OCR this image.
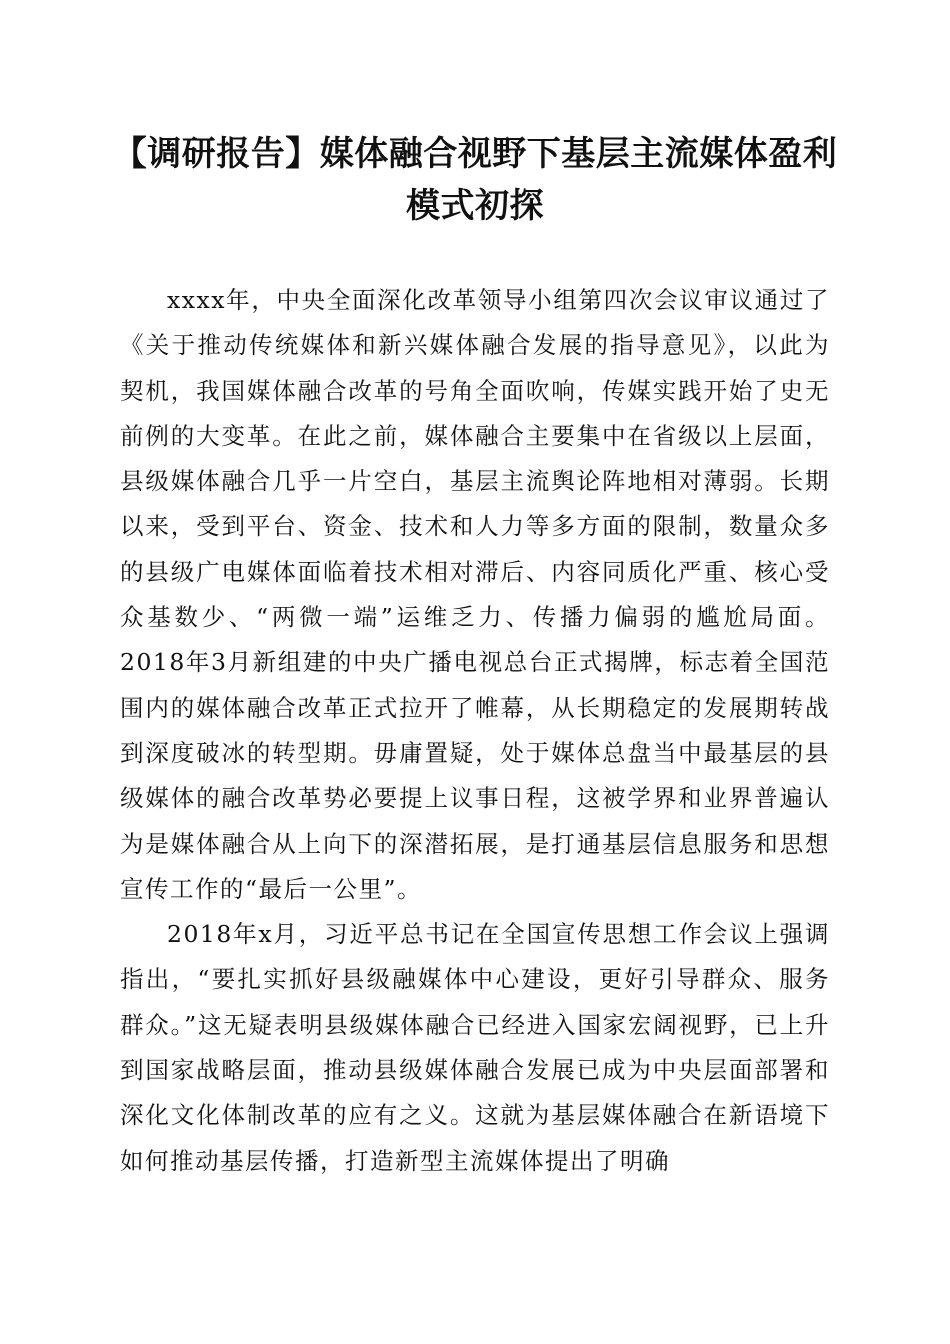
【调研报告】媒体融合视野下基层主流媒体盈利模式初探

xxxx年，中央全面深化改革领导小组第四次会议审议通过了《关于推动传统媒体和新兴媒体融合发展的指导意见》，以此为契机，我国媒体融合改革的号角全面吹响，传媒实践开始了史无前例的大变革。在此之前，媒体融合主要集中在省级以上层面，县级媒体融合几乎一片空白，基层主流舆论阵地相对薄弱。长期以来，受到平台、资金、技术和人力等多方面的限制，数量众多的县级广电媒体面临着技术相对滞后、内容同质化严重、核心受众基数少、“两微一端”运维乏力、传播力偏弱的尴尬局面。2018年3月新组建的中央广播电视总台正式揭牌，标志着全国范围内的媒体融合改革正式拉开了帷幕，从长期稳定的发展期转战到深度破冰的转型期。毋庸置疑，处于媒体总盘当中最基层的县级媒体的融合改革势必要提上议事日程，这被学界和业界普遍认为是媒体融合从上向下的深潜拓展，是打通基层信息服务和思想宣传工作的“最后一公里”。

2018年x月，习近平总书记在全国宣传思想工作会议上强调指出，“要扎实抓好县级融媒体中心建设，更好引导群众、服务群众。”这无疑表明县级媒体融合已经进入国家宏阔视野，已上升到国家战略层面，推动县级媒体融合发展已成为中央层面部署和深化文化体制改革的应有之义。这就为基层媒体融合在新语境下如何推动基层传播，打造新型主流媒体提出了明确
